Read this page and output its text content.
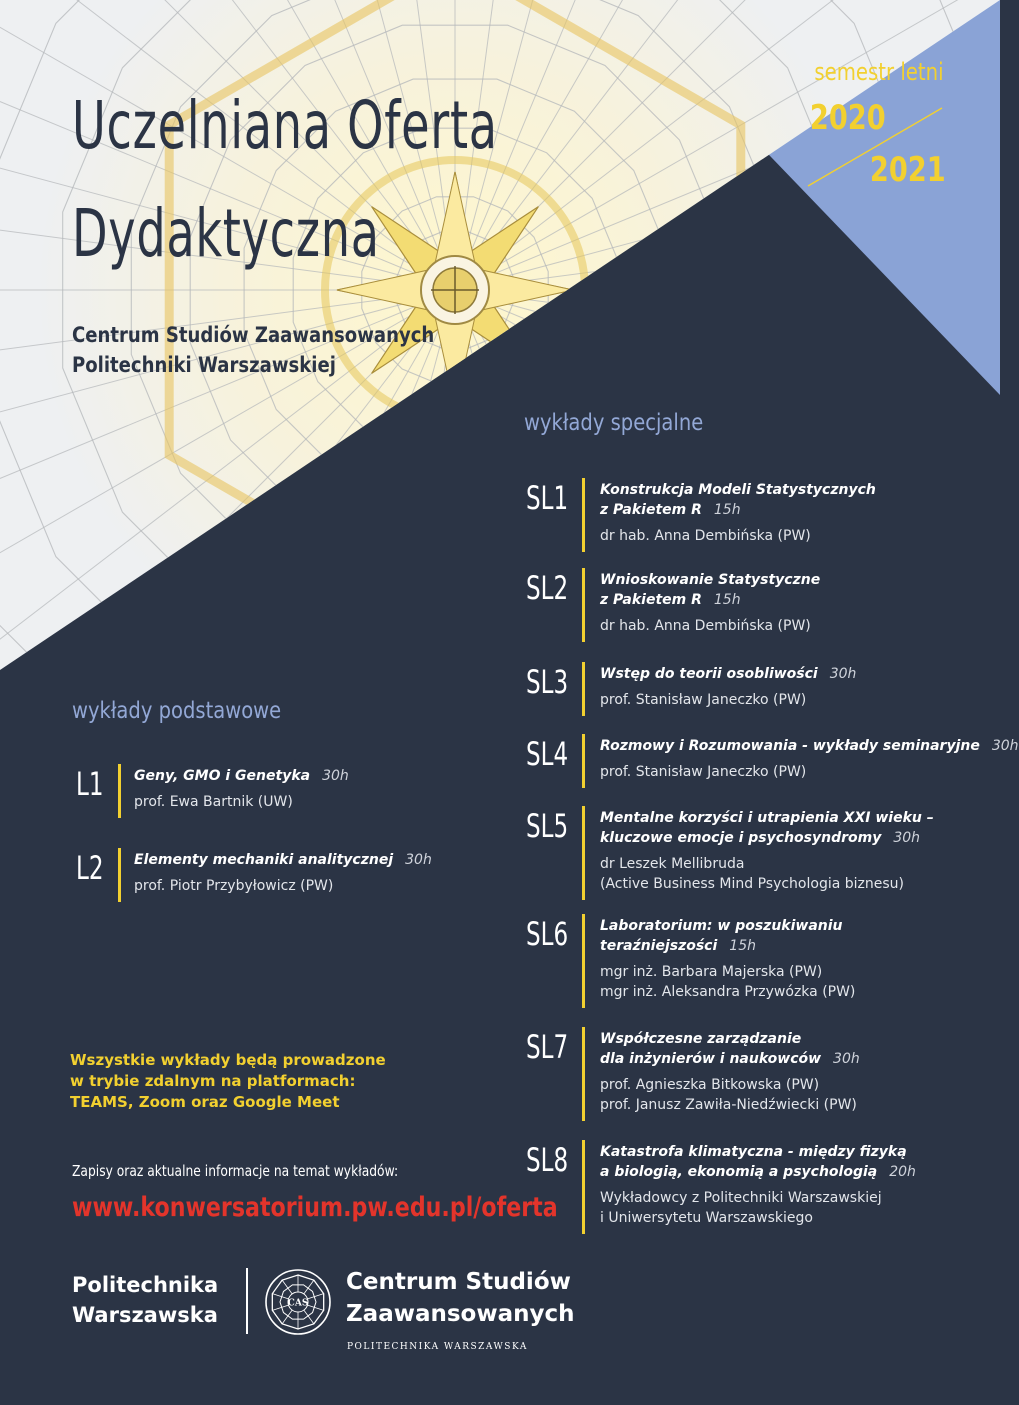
Uczelniana Oferta
Dydaktyczna
Centrum Studiów Zaawansowanych
Politechniki Warszawskiej
semestr letni
2020
2021
wykłady specjalne
SL1 Konstrukcja Modeli Statystycznych
z Pakietem R 15h
dr hab. Anna Dembińska (PW)
SL2 Wnioskowanie Statystyczne
z Pakietem R 15h
dr hab. Anna Dembińska (PW)
SL3 Wstęp do teorii osobliwości 30h
prof. Stanisław Janeczko (PW)
SL4 Rozmowy i Rozumowania - wykłady seminaryjne 30h
prof. Stanisław Janeczko (PW)
SL5 Mentalne korzyści i utrapienia XXI wieku –
kluczowe emocje i psychosyndromy 30h
dr Leszek Mellibruda
(Active Business Mind Psychologia biznesu)
SL6 Laboratorium: w poszukiwaniu
teraźniejszości 15h
mgr inż. Barbara Majerska (PW)
mgr inż. Aleksandra Przywózka (PW)
SL7 Współczesne zarządzanie
dla inżynierów i naukowców 30h
prof. Agnieszka Bitkowska (PW)
prof. Janusz Zawiła-Niedźwiecki (PW)
SL8 Katastrofa klimatyczna - między fizyką
a biologią, ekonomią a psychologią 20h
Wykładowcy z Politechniki Warszawskiej
i Uniwersytetu Warszawskiego
wykłady podstawowe
L1 Geny, GMO i Genetyka 30h
prof. Ewa Bartnik (UW)
L2 Elementy mechaniki analitycznej 30h
prof. Piotr Przybyłowicz (PW)
Wszystkie wykłady będą prowadzone
w trybie zdalnym na platformach:
TEAMS, Zoom oraz Google Meet
Zapisy oraz aktualne informacje na temat wykładów:
www.konwersatorium.pw.edu.pl/oferta
Politechnika
Warszawska	CAS
Centrum Studiów
Zaawansowanych
POLITECHNIKA WARSZAWSKA
